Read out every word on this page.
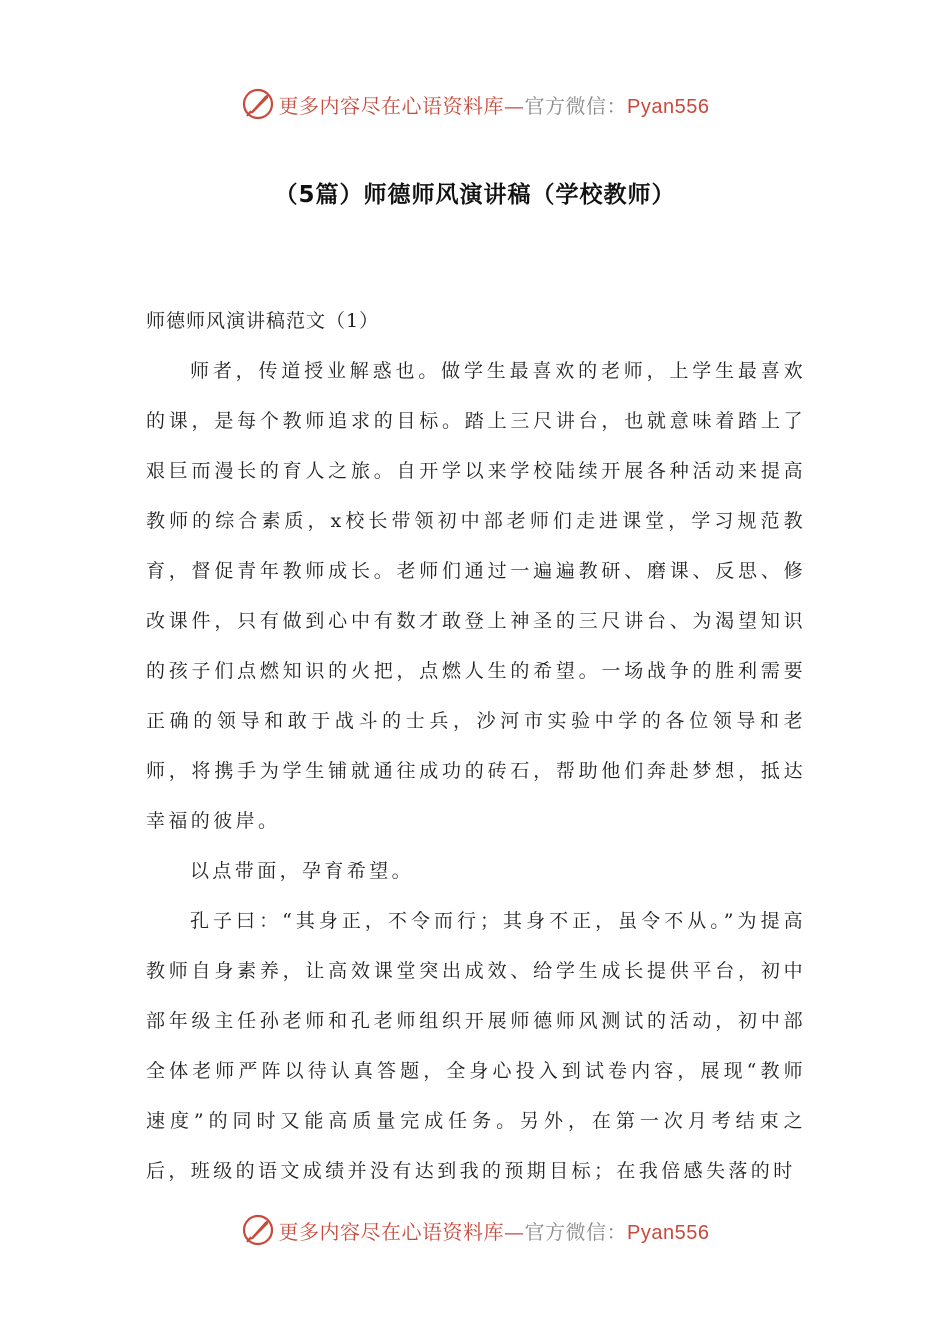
更多内容尽在心语资料库—官方微信：Pyan556
（5篇）师德师风演讲稿（学校教师）

师德师风演讲稿范文（1）

师者，传道授业解惑也。做学生最喜欢的老师，上学生最喜欢的课，是每个教师追求的目标。踏上三尺讲台，也就意味着踏上了艰巨而漫长的育人之旅。自开学以来学校陆续开展各种活动来提高教师的综合素质，x校长带领初中部老师们走进课堂，学习规范教育，督促青年教师成长。老师们通过一遍遍教研、磨课、反思、修改课件，只有做到心中有数才敢登上神圣的三尺讲台、为渴望知识的孩子们点燃知识的火把，点燃人生的希望。一场战争的胜利需要正确的领导和敢于战斗的士兵，沙河市实验中学的各位领导和老师，将携手为学生铺就通往成功的砖石，帮助他们奔赴梦想，抵达幸福的彼岸。

以点带面，孕育希望。

孔子曰：“其身正，不令而行；其身不正，虽令不从。”为提高教师自身素养，让高效课堂突出成效、给学生成长提供平台，初中部年级主任孙老师和孔老师组织开展师德师风测试的活动，初中部全体老师严阵以待认真答题，全身心投入到试卷内容，展现“教师速度”的同时又能高质量完成任务。另外，在第一次月考结束之后，班级的语文成绩并没有达到我的预期目标；在我倍感失落的时

更多内容尽在心语资料库—官方微信：Pyan556
